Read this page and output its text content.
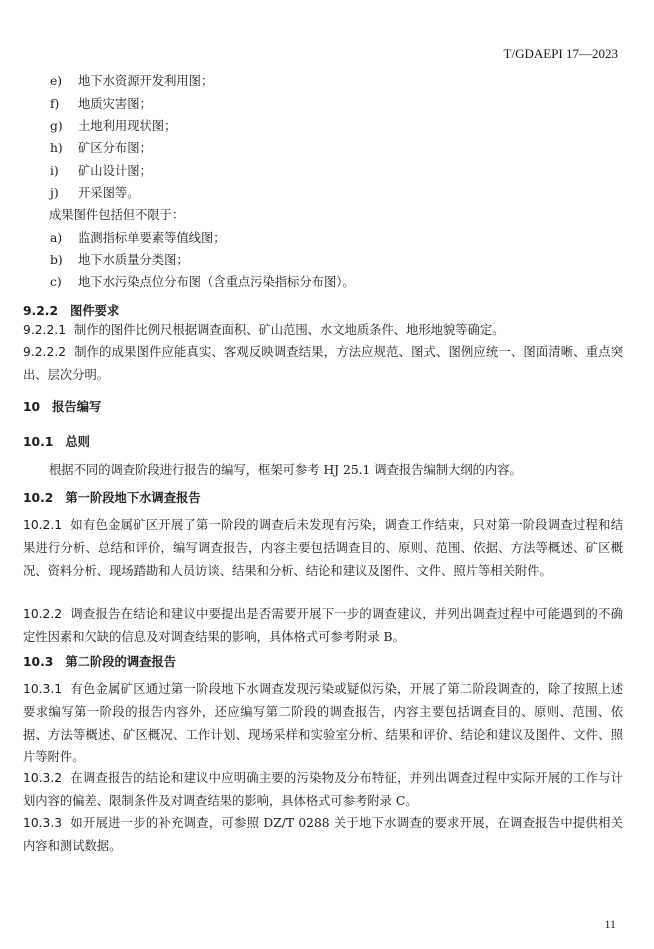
T/GDAEPI 17—2023
e) 地下水资源开发利用图；
f) 地质灾害图；
g) 土地利用现状图；
h) 矿区分布图；
i) 矿山设计图；
j) 开采图等。
成果图件包括但不限于：
a) 监测指标单要素等值线图；
b) 地下水质量分类图；
c) 地下水污染点位分布图（含重点污染指标分布图）。
9.2.2 图件要求
9.2.2.1 制作的图件比例尺根据调查面积、矿山范围、水文地质条件、地形地貌等确定。
9.2.2.2 制作的成果图件应能真实、客观反映调查结果，方法应规范、图式、图例应统一、图面清晰、重点突出、层次分明。
10 报告编写
10.1 总则
根据不同的调查阶段进行报告的编写，框架可参考 HJ 25.1 调查报告编制大纲的内容。
10.2 第一阶段地下水调查报告
10.2.1 如有色金属矿区开展了第一阶段的调查后未发现有污染，调查工作结束，只对第一阶段调查过程和结果进行分析、总结和评价，编写调查报告，内容主要包括调查目的、原则、范围、依据、方法等概述、矿区概况、资料分析、现场踏勘和人员访谈、结果和分析、结论和建议及图件、文件、照片等相关附件。
10.2.2 调查报告在结论和建议中要提出是否需要开展下一步的调查建议，并列出调查过程中可能遇到的不确定性因素和欠缺的信息及对调查结果的影响，具体格式可参考附录 B。
10.3 第二阶段的调查报告
10.3.1 有色金属矿区通过第一阶段地下水调查发现污染或疑似污染，开展了第二阶段调查的，除了按照上述要求编写第一阶段的报告内容外，还应编写第二阶段的调查报告，内容主要包括调查目的、原则、范围、依据、方法等概述、矿区概况、工作计划、现场采样和实验室分析、结果和评价、结论和建议及图件、文件、照片等附件。
10.3.2 在调查报告的结论和建议中应明确主要的污染物及分布特征，并列出调查过程中实际开展的工作与计划内容的偏差、限制条件及对调查结果的影响，具体格式可参考附录 C。
10.3.3 如开展进一步的补充调查，可参照 DZ/T 0288 关于地下水调查的要求开展，在调查报告中提供相关内容和测试数据。
11
